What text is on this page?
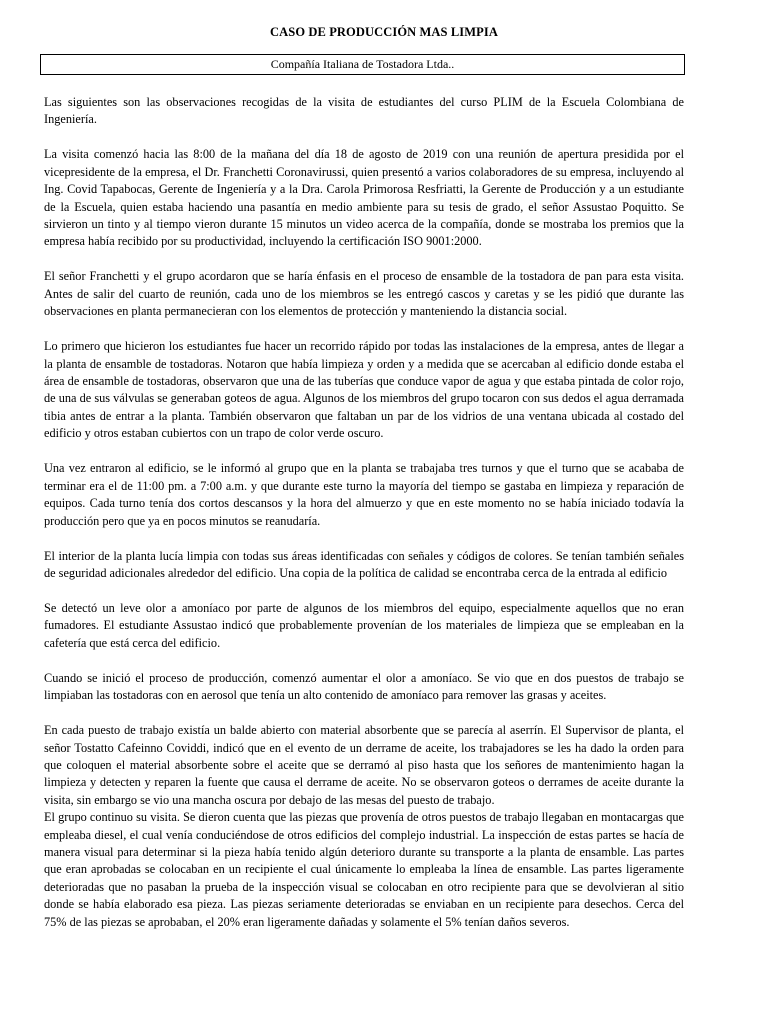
CASO DE PRODUCCIÓN MAS LIMPIA
Compañía Italiana de Tostadora Ltda..

Las siguientes son las observaciones recogidas de la visita de estudiantes del curso PLIM de la Escuela Colombiana de Ingeniería.

La visita comenzó hacia las 8:00 de la mañana del día 18 de agosto de 2019 con una reunión de apertura presidida por el vicepresidente de la empresa, el Dr. Franchetti Coronavirussi, quien presentó a varios colaboradores de su empresa, incluyendo al Ing. Covid Tapabocas, Gerente de Ingeniería y a la Dra. Carola Primorosa Resfriatti, la Gerente de Producción y a un estudiante de la Escuela, quien estaba haciendo una pasantía en medio ambiente para su tesis de grado, el señor Assustao Poquitto. Se sirvieron un tinto y al tiempo vieron durante 15 minutos un video acerca de la compañía, donde se mostraba los premios que la empresa había recibido por su productividad, incluyendo la certificación ISO 9001:2000.

El señor Franchetti y el grupo acordaron que se haría énfasis en el proceso de ensamble de la tostadora de pan para esta visita. Antes de salir del cuarto de reunión, cada uno de los miembros se les entregó cascos y caretas y se les pidió que durante las observaciones en planta permanecieran con los elementos de protección y manteniendo la distancia social.

Lo primero que hicieron los estudiantes fue hacer un recorrido rápido por todas las instalaciones de la empresa, antes de llegar a la planta de ensamble de tostadoras. Notaron que había limpieza y orden y a medida que se acercaban al edificio donde estaba el área de ensamble de tostadoras, observaron que una de las tuberías que conduce vapor de agua y que estaba pintada de color rojo, de una de sus válvulas se generaban goteos de agua. Algunos de los miembros del grupo tocaron con sus dedos el agua derramada tibia antes de entrar a la planta. También observaron que faltaban un par de los vidrios de una ventana ubicada al costado del edificio y otros estaban cubiertos con un trapo de color verde oscuro.

Una vez entraron al edificio, se le informó al grupo que en la planta se trabajaba tres turnos y que el turno que se acababa de terminar era el de 11:00 pm. a 7:00 a.m. y que durante este turno la mayoría del tiempo se gastaba en limpieza y reparación de equipos. Cada turno tenía dos cortos descansos y la hora del almuerzo y que en este momento no se había iniciado todavía la producción pero que ya en pocos minutos se reanudaría.

El interior de la planta lucía limpia con todas sus áreas identificadas con señales y códigos de colores. Se tenían también señales de seguridad adicionales alrededor del edificio. Una copia de la política de calidad se encontraba cerca de la entrada al edificio

Se detectó un leve olor a amoníaco por parte de algunos de los miembros del equipo, especialmente aquellos que no eran fumadores. El estudiante Assustao indicó que probablemente provenían de los materiales de limpieza que se empleaban en la cafetería que está cerca del edificio.

Cuando se inició el proceso de producción, comenzó aumentar el olor a amoníaco. Se vio que en dos puestos de trabajo se limpiaban las tostadoras con en aerosol que tenía un alto contenido de amoníaco para remover las grasas y aceites.

En cada puesto de trabajo existía un balde abierto con material absorbente que se parecía al aserrín. El Supervisor de planta, el señor Tostatto Cafeinno Coviddi, indicó que en el evento de un derrame de aceite, los trabajadores se les ha dado la orden para que coloquen el material absorbente sobre el aceite que se derramó al piso hasta que los señores de mantenimiento hagan la limpieza y detecten y reparen la fuente que causa el derrame de aceite. No se observaron goteos o derrames de aceite durante la visita, sin embargo se vio una mancha oscura por debajo de las mesas del puesto de trabajo.

El grupo continuo su visita. Se dieron cuenta que las piezas que provenía de otros puestos de trabajo llegaban en montacargas que empleaba diesel, el cual venía conduciéndose de otros edificios del complejo industrial. La inspección de estas partes se hacía de manera visual para determinar si la pieza había tenido algún deterioro durante su transporte a la planta de ensamble. Las partes que eran aprobadas se colocaban en un recipiente el cual únicamente lo empleaba la línea de ensamble. Las partes ligeramente deterioradas que no pasaban la prueba de la inspección visual se colocaban en otro recipiente para que se devolvieran al sitio donde se había elaborado esa pieza. Las piezas seriamente deterioradas se enviaban en un recipiente para desechos. Cerca del 75% de las piezas se aprobaban, el 20% eran ligeramente dañadas y solamente el 5% tenían daños severos.
